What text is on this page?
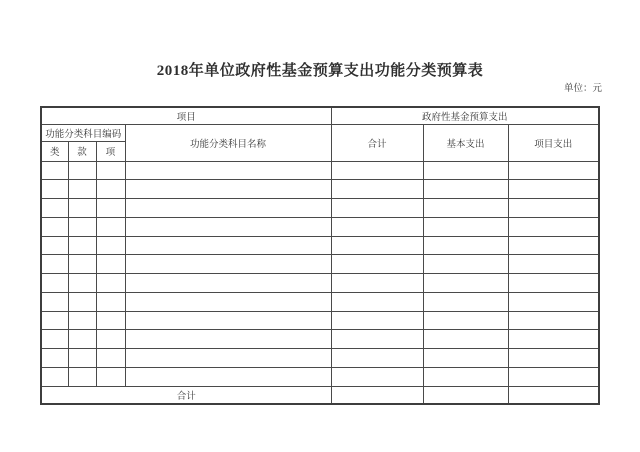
2018年单位政府性基金预算支出功能分类预算表
单位：元
项目				政府性基金预算支出		
功能分类科目编码			功能分类科目名称	合计	基本支出	项目支出
类	款	项				

合计						
